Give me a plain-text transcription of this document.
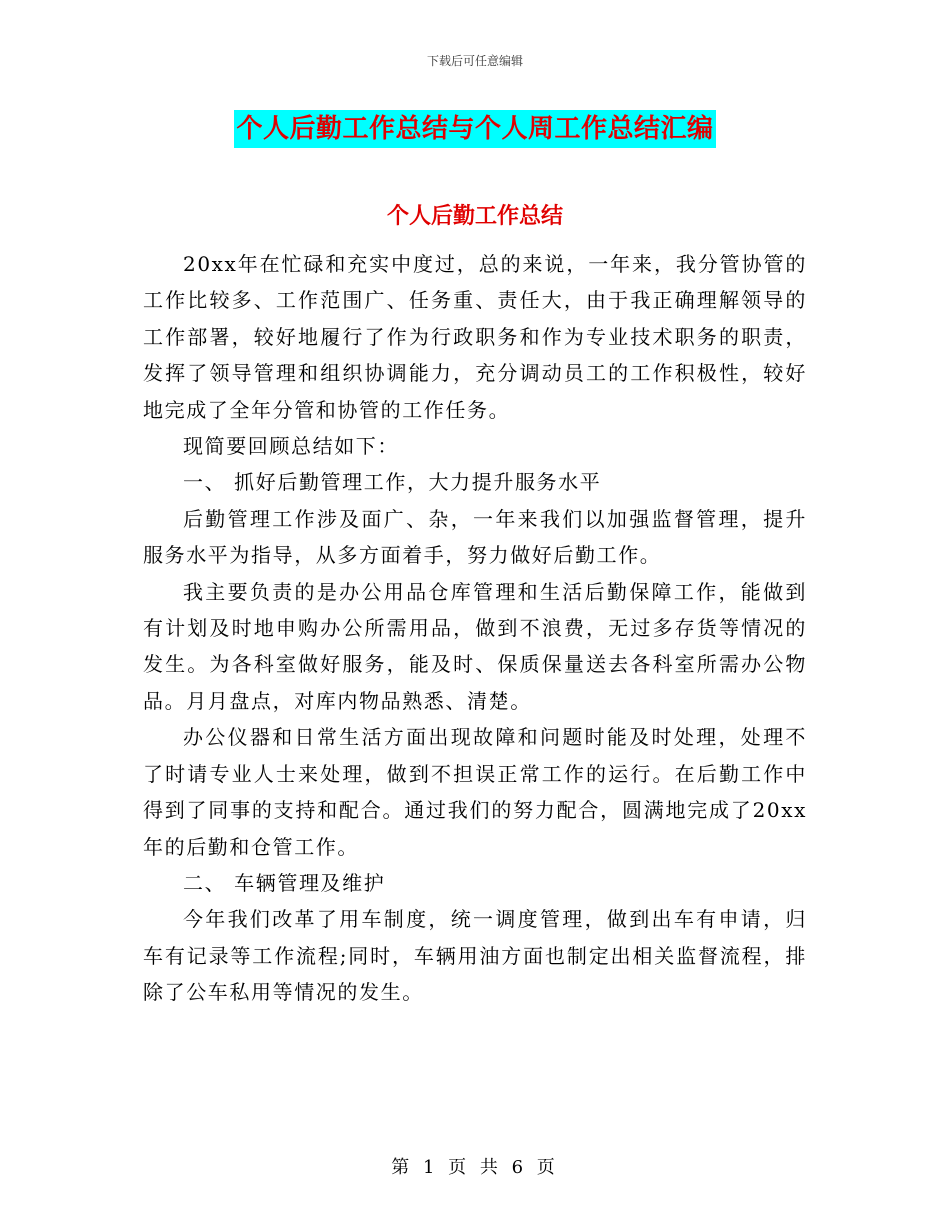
下载后可任意编辑
个人后勤工作总结与个人周工作总结汇编
个人后勤工作总结

20xx年在忙碌和充实中度过，总的来说，一年来，我分管协管的工作比较多、工作范围广、任务重、责任大，由于我正确理解领导的工作部署，较好地履行了作为行政职务和作为专业技术职务的职责，发挥了领导管理和组织协调能力，充分调动员工的工作积极性，较好地完成了全年分管和协管的工作任务。

现简要回顾总结如下：

一、 抓好后勤管理工作，大力提升服务水平

后勤管理工作涉及面广、杂，一年来我们以加强监督管理，提升服务水平为指导，从多方面着手，努力做好后勤工作。

我主要负责的是办公用品仓库管理和生活后勤保障工作，能做到有计划及时地申购办公所需用品，做到不浪费，无过多存货等情况的发生。为各科室做好服务，能及时、保质保量送去各科室所需办公物品。月月盘点，对库内物品熟悉、清楚。

办公仪器和日常生活方面出现故障和问题时能及时处理，处理不了时请专业人士来处理，做到不担误正常工作的运行。在后勤工作中得到了同事的支持和配合。通过我们的努力配合，圆满地完成了20xx年的后勤和仓管工作。

二、 车辆管理及维护

今年我们改革了用车制度，统一调度管理，做到出车有申请，归车有记录等工作流程;同时，车辆用油方面也制定出相关监督流程，排除了公车私用等情况的发生。

第 1 页 共 6 页
